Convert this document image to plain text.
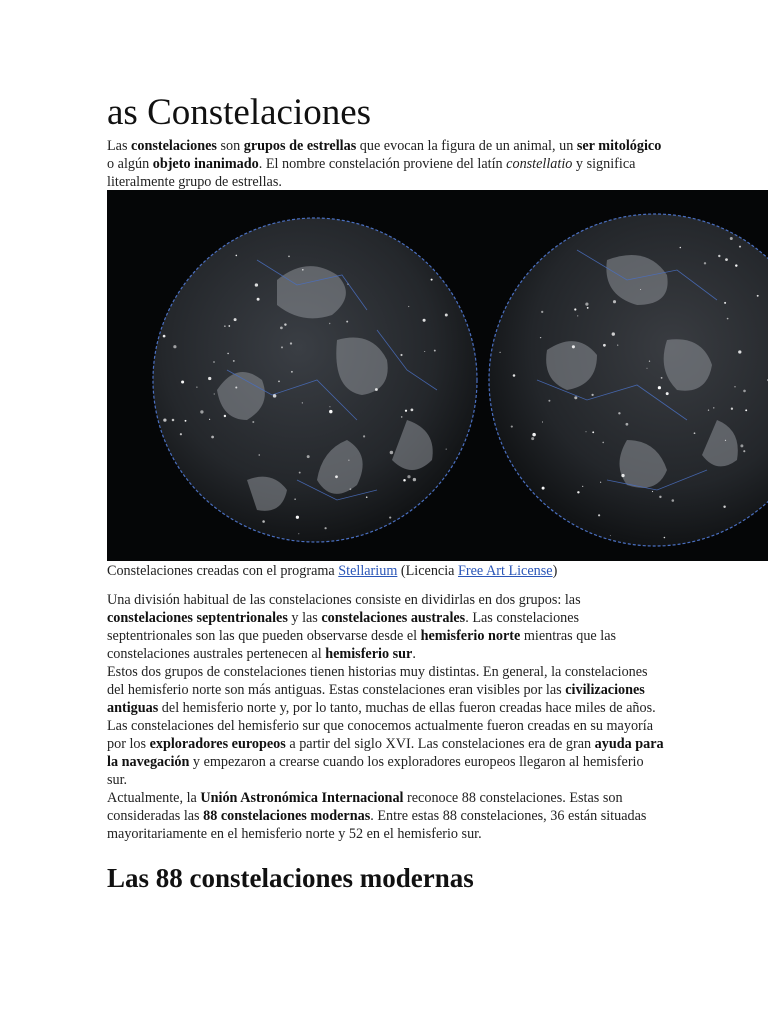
as Constelaciones

Las constelaciones son grupos de estrellas que evocan la figura de un animal, un ser mitológico o algún objeto inanimado. El nombre constelación proviene del latín constellatio y significa literalmente grupo de estrellas.

Constelaciones creadas con el programa Stellarium (Licencia Free Art License)

Una división habitual de las constelaciones consiste en dividirlas en dos grupos: las constelaciones septentrionales y las constelaciones australes. Las constelaciones septentrionales son las que pueden observarse desde el hemisferio norte mientras que las constelaciones australes pertenecen al hemisferio sur.
Estos dos grupos de constelaciones tienen historias muy distintas. En general, la constelaciones del hemisferio norte son más antiguas. Estas constelaciones eran visibles por las civilizaciones antiguas del hemisferio norte y, por lo tanto, muchas de ellas fueron creadas hace miles de años.
Las constelaciones del hemisferio sur que conocemos actualmente fueron creadas en su mayoría por los exploradores europeos a partir del siglo XVI. Las constelaciones era de gran ayuda para la navegación y empezaron a crearse cuando los exploradores europeos llegaron al hemisferio sur.
Actualmente, la Unión Astronómica Internacional reconoce 88 constelaciones. Estas son consideradas las 88 constelaciones modernas. Entre estas 88 constelaciones, 36 están situadas mayoritariamente en el hemisferio norte y 52 en el hemisferio sur.
Las 88 constelaciones modernas
